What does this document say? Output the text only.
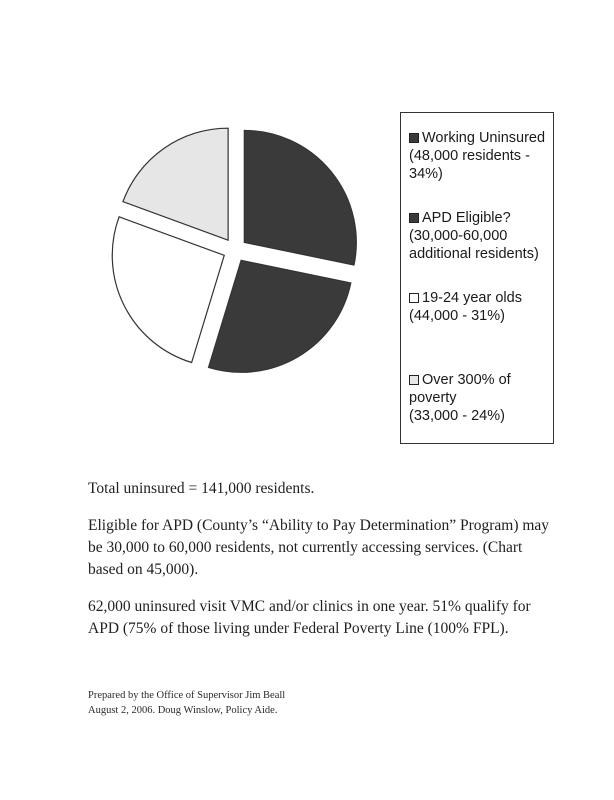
Working Uninsured
(48,000 residents -
34%)
APD Eligible?
(30,000-60,000
additional residents)
19-24 year olds
(44,000 - 31%)
Over 300% of poverty
(33,000 - 24%)
Total uninsured = 141,000 residents.
Eligible for APD (County’s “Ability to Pay Determination” Program) may be 30,000 to 60,000 residents, not currently accessing services. (Chart based on 45,000).
62,000 uninsured visit VMC and/or clinics in one year. 51% qualify for APD (75% of those living under Federal Poverty Line (100% FPL).
Prepared by the Office of Supervisor Jim Beall
August 2, 2006. Doug Winslow, Policy Aide.
